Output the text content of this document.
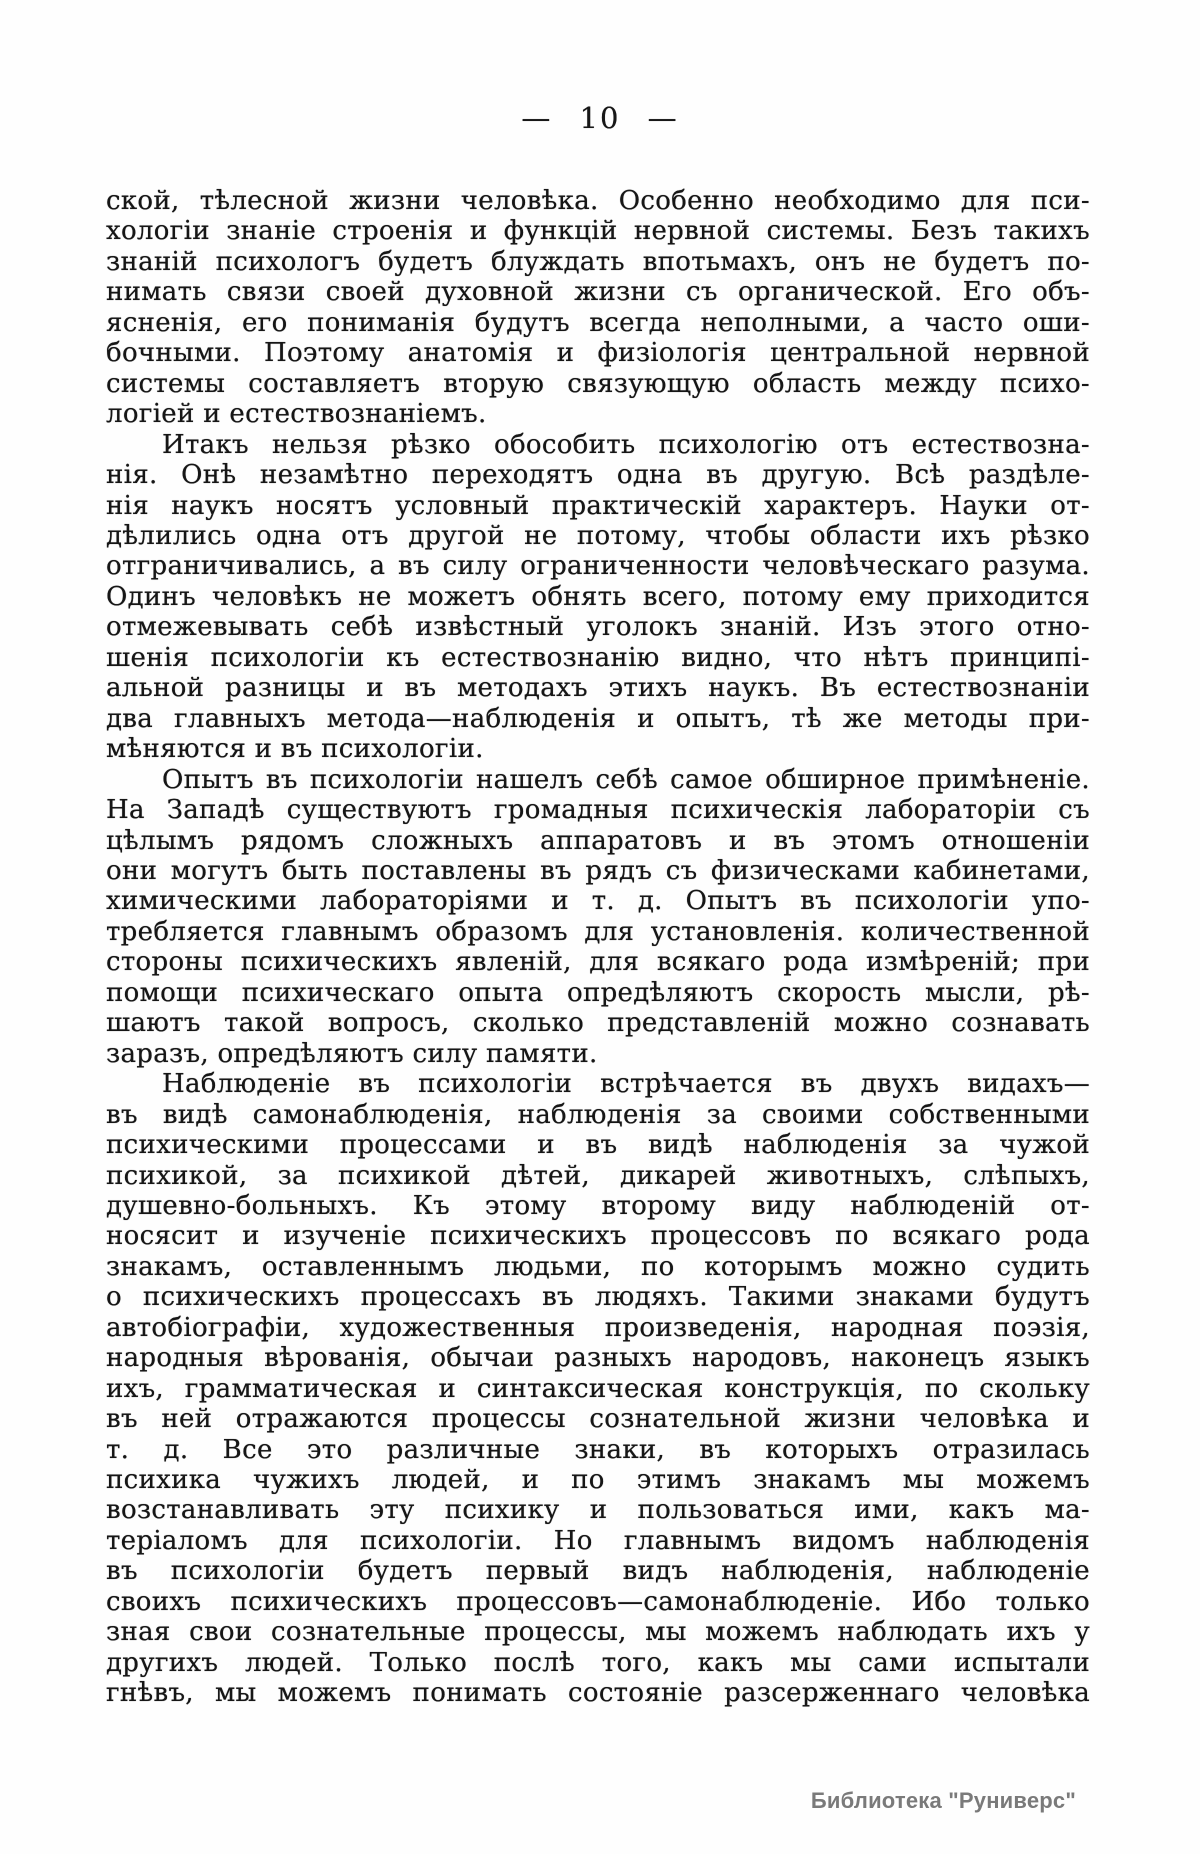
— 10 —
ской, тѣлесной жизни человѣка. Особенно необходимо для пси-
хологіи знаніе строенія и функцій нервной системы. Безъ такихъ
знаній психологъ будетъ блуждать впотьмахъ, онъ не будетъ по-
нимать связи своей духовной жизни съ органической. Его объ-
ясненія, его пониманія будутъ всегда неполными, а часто оши-
бочными. Поэтому анатомія и физіологія центральной нервной
системы составляетъ вторую связующую область между психо-
логіей и естествознаніемъ.
Итакъ нельзя рѣзко обособить психологію отъ естествозна-
нія. Онѣ незамѣтно переходятъ одна въ другую. Всѣ раздѣле-
нія наукъ носятъ условный практическій характеръ. Науки от-
дѣлились одна отъ другой не потому, чтобы области ихъ рѣзко
отграничивались, а въ силу ограниченности человѣческаго разума.
Одинъ человѣкъ не можетъ обнять всего, потому ему приходится
отмежевывать себѣ извѣстный уголокъ знаній. Изъ этого отно-
шенія психологіи къ естествознанію видно, что нѣтъ принципі-
альной разницы и въ методахъ этихъ наукъ. Въ естествознаніи
два главныхъ метода—наблюденія и опытъ, тѣ же методы при-
мѣняются и въ психологіи.
Опытъ въ психологіи нашелъ себѣ самое обширное примѣненіе.
На Западѣ существуютъ громадныя психическія лабораторіи съ
цѣлымъ рядомъ сложныхъ аппаратовъ и въ этомъ отношеніи
они могутъ быть поставлены въ рядъ съ физическами кабинетами,
химическими лабораторіями и т. д. Опытъ въ психологіи упо-
требляется главнымъ образомъ для установленія. количественной
стороны психическихъ явленій, для всякаго рода измѣреній; при
помощи психическаго опыта опредѣляютъ скорость мысли, рѣ-
шаютъ такой вопросъ, сколько представленій можно сознавать
заразъ, опредѣляютъ силу памяти.
Наблюденіе въ психологіи встрѣчается въ двухъ видахъ—
въ видѣ самонаблюденія, наблюденія за своими собственными
психическими процессами и въ видѣ наблюденія за чужой
психикой, за психикой дѣтей, дикарей животныхъ, слѣпыхъ,
душевно-больныхъ. Къ этому второму виду наблюденій от-
носясит и изученіе психическихъ процессовъ по всякаго рода
знакамъ, оставленнымъ людьми, по которымъ можно судить
о психическихъ процессахъ въ людяхъ. Такими знаками будутъ
автобіографіи, художественныя произведенія, народная поэзія,
народныя вѣрованія, обычаи разныхъ народовъ, наконецъ языкъ
ихъ, грамматическая и синтаксическая конструкція, по скольку
въ ней отражаются процессы сознательной жизни человѣка и
т. д. Все это различные знаки, въ которыхъ отразилась
психика чужихъ людей, и по этимъ знакамъ мы можемъ
возстанавливать эту психику и пользоваться ими, какъ ма-
теріаломъ для психологіи. Но главнымъ видомъ наблюденія
въ психологіи будетъ первый видъ наблюденія, наблюденіе
своихъ психическихъ процессовъ—самонаблюденіе. Ибо только
зная свои сознательные процессы, мы можемъ наблюдать ихъ у
другихъ людей. Только послѣ того, какъ мы сами испытали
гнѣвъ, мы можемъ понимать состояніе разсерженнаго человѣка
Библиотека "Руниверс"
